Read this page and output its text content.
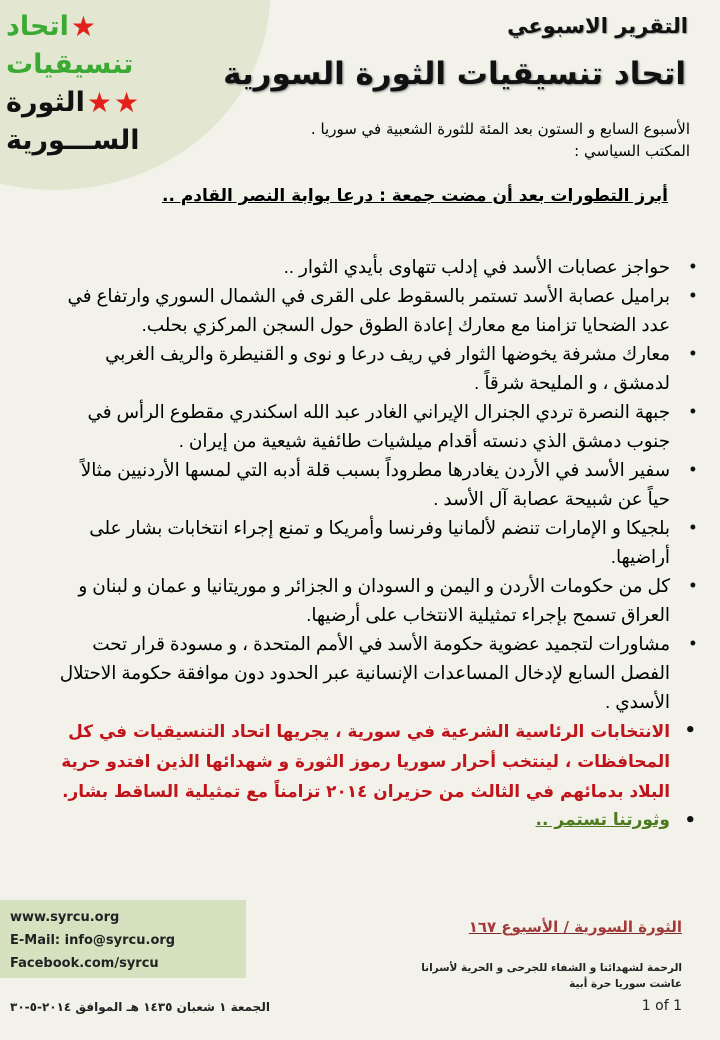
اتحاد ★
تنسيقيات
الثورة ★ ★
الســـورية
التقرير الاسبوعي
اتحاد تنسيقيات الثورة السورية
الأسبوع السابع و الستون بعد المئة للثورة الشعبية في سوريا .
المكتب السياسي :
أبرز التطورات بعد أن مضت جمعة : درعا بوابة النصر القادم ..
• حواجز عصابات الأسد في إدلب تتهاوى بأيدي الثوار ..
• براميل عصابة الأسد تستمر بالسقوط على القرى في الشمال السوري وارتفاع في عدد الضحايا تزامنا مع معارك إعادة الطوق حول السجن المركزي بحلب.
• معارك مشرفة يخوضها الثوار في ريف درعا و نوى و القنيطرة والريف الغربي لدمشق ، و المليحة شرقاً .
• جبهة النصرة تردي الجنرال الإيراني الغادر عبد الله اسكندري مقطوع الرأس في جنوب دمشق الذي دنسته أقدام ميلشيات طائفية شيعية من إيران .
• سفير الأسد في الأردن يغادرها مطروداً بسبب قلة أدبه التي لمسها الأردنيين مثالاً حياً عن شبيحة عصابة آل الأسد .
• بلجيكا و الإمارات تنضم لألمانيا وفرنسا وأمريكا و تمنع إجراء انتخابات بشار على أراضيها.
• كل من حكومات الأردن و اليمن و السودان و الجزائر و موريتانيا و عمان و لبنان و العراق تسمح بإجراء تمثيلية الانتخاب على أرضيها.
• مشاورات لتجميد عضوية حكومة الأسد في الأمم المتحدة ، و مسودة قرار تحت الفصل السابع لإدخال المساعدات الإنسانية عبر الحدود دون موافقة حكومة الاحتلال الأسدي .
• الانتخابات الرئاسية الشرعية في سورية ، يجريها اتحاد التنسيقيات في كل المحافظات ، لينتخب أحرار سوريا رموز الثورة و شهدائها الذين افتدو حرية البلاد بدمائهم في الثالث من حزيران ٢٠١٤ تزامناً مع تمثيلية الساقط بشار.
• وثورتنا تستمر ..
www.syrcu.org
E-Mail: info@syrcu.org
Facebook.com/syrcu
الثورة السورية / الأسبوع ١٦٧
الرحمة لشهدائنا و الشفاء للجرحى و الحرية لأسرانا
عاشت سوريا حرة أبية
1 of 1
الجمعة ١ شعبان ١٤٣٥ هـ الموافق ٢٠١٤-٥-٣٠
